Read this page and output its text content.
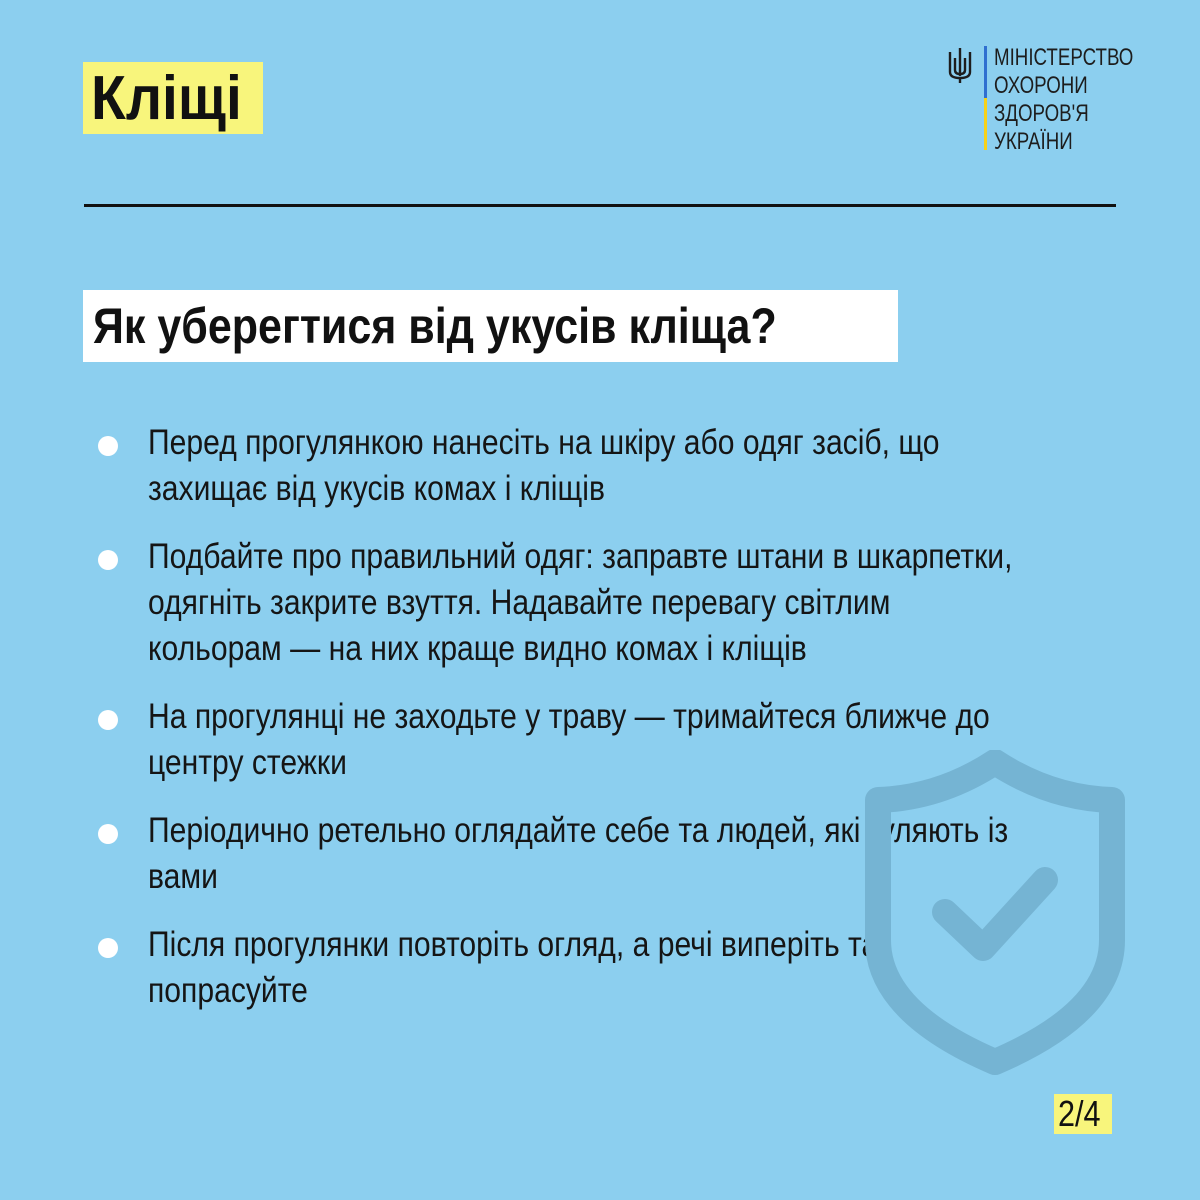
Кліщі
МІНІСТЕРСТВО
ОХОРОНИ
ЗДОРОВ'Я
УКРАЇНИ
Як уберегтися від укусів кліща?
Перед прогулянкою нанесіть на шкіру або одяг засіб, що захищає від укусів комах і кліщів
Подбайте про правильний одяг: заправте штани в шкарпетки, одягніть закрите взуття. Надавайте перевагу світлим кольорам — на них краще видно комах і кліщів
На прогулянці не заходьте у траву — тримайтеся ближче до центру стежки
Періодично ретельно оглядайте себе та людей, які гуляють із вами
Після прогулянки повторіть огляд, а речі виперіть та попрасуйте
2/4
